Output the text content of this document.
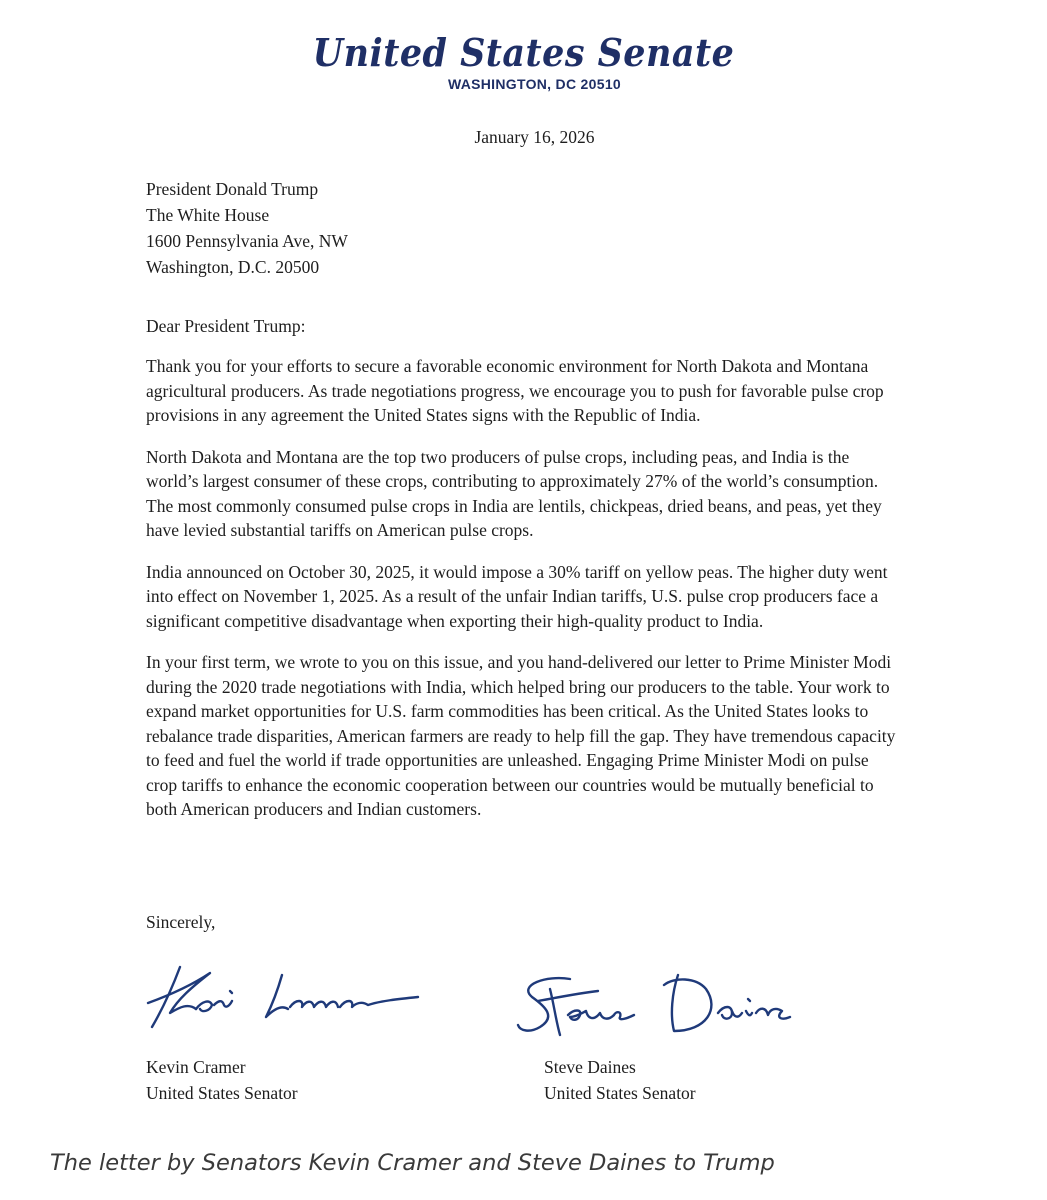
United States Senate
WASHINGTON, DC 20510
January 16, 2026
President Donald Trump
The White House
1600 Pennsylvania Ave, NW
Washington, D.C. 20500
Dear President Trump:

Thank you for your efforts to secure a favorable economic environment for North Dakota and Montana agricultural producers. As trade negotiations progress, we encourage you to push for favorable pulse crop provisions in any agreement the United States signs with the Republic of India.

North Dakota and Montana are the top two producers of pulse crops, including peas, and India is the world’s largest consumer of these crops, contributing to approximately 27% of the world’s consumption. The most commonly consumed pulse crops in India are lentils, chickpeas, dried beans, and peas, yet they have levied substantial tariffs on American pulse crops.

India announced on October 30, 2025, it would impose a 30% tariff on yellow peas. The higher duty went into effect on November 1, 2025. As a result of the unfair Indian tariffs, U.S. pulse crop producers face a significant competitive disadvantage when exporting their high-quality product to India.

In your first term, we wrote to you on this issue, and you hand-delivered our letter to Prime Minister Modi during the 2020 trade negotiations with India, which helped bring our producers to the table. Your work to expand market opportunities for U.S. farm commodities has been critical. As the United States looks to rebalance trade disparities, American farmers are ready to help fill the gap. They have tremendous capacity to feed and fuel the world if trade opportunities are unleashed. Engaging Prime Minister Modi on pulse crop tariffs to enhance the economic cooperation between our countries would be mutually beneficial to both American producers and Indian customers.

Sincerely,
Kevin Cramer
United States Senator
Steve Daines
United States Senator
The letter by Senators Kevin Cramer and Steve Daines to Trump
